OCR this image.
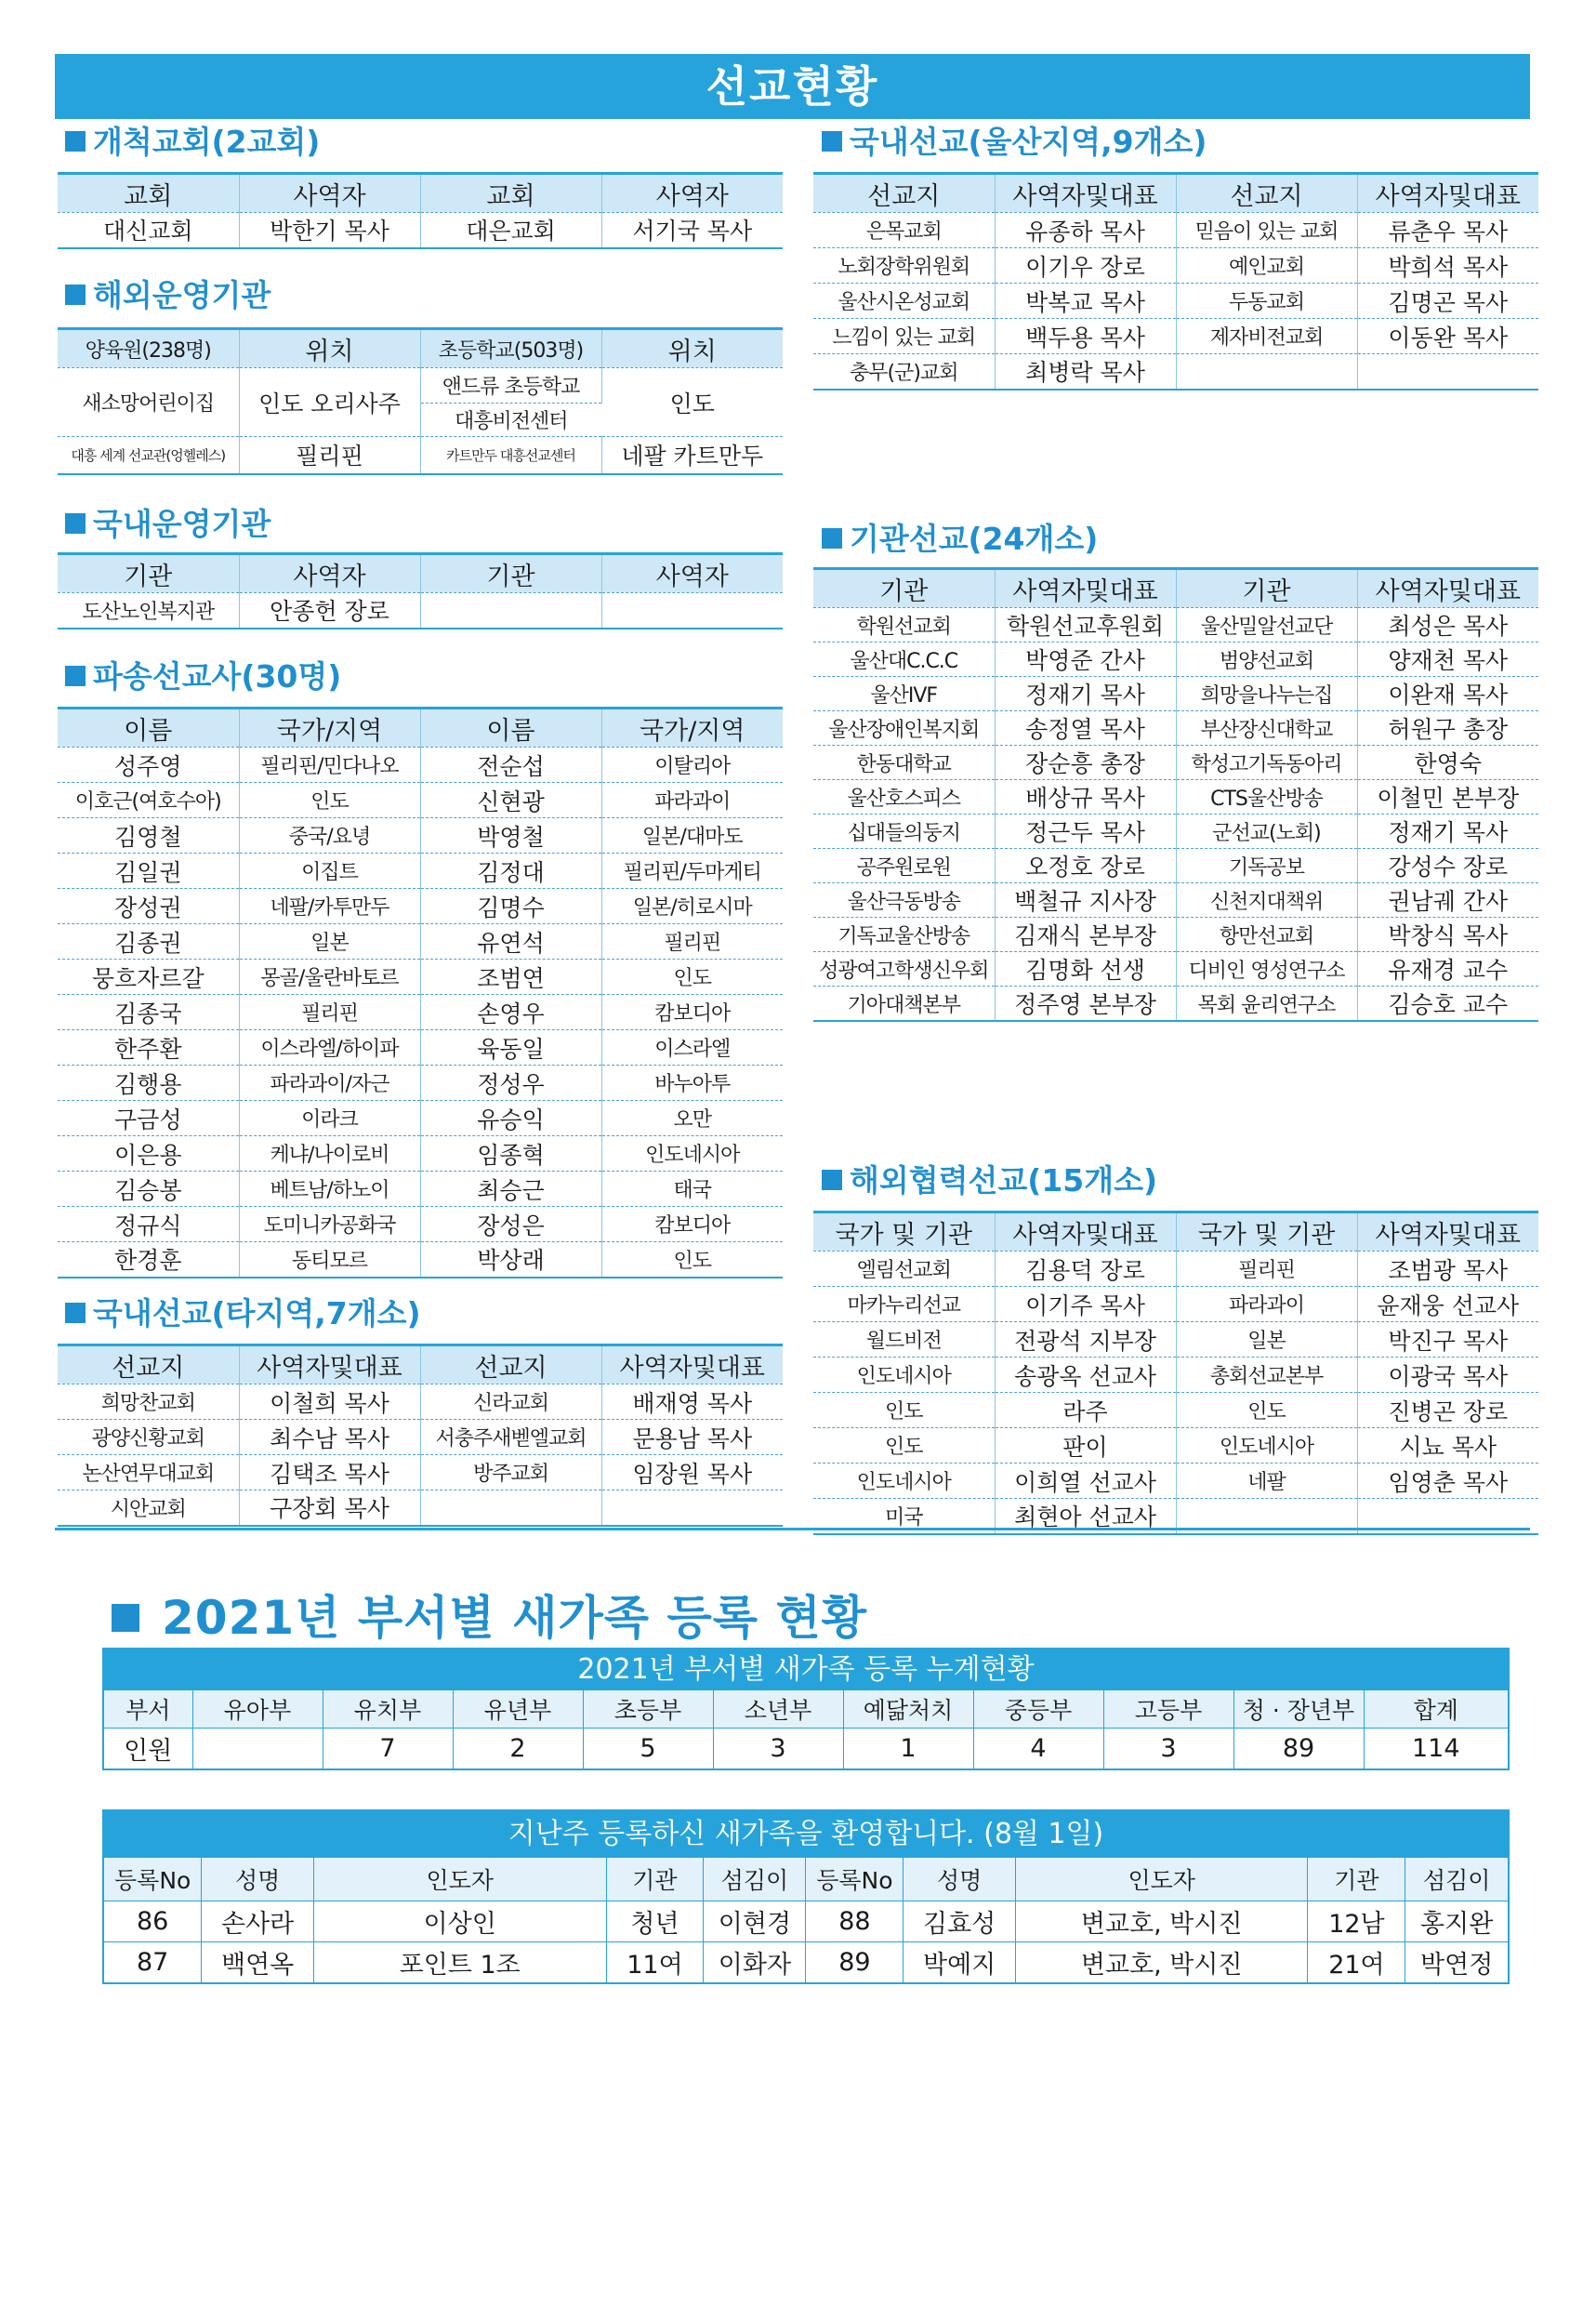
선교현황
개척교회(2교회)
교회	사역자	교회	사역자
대신교회	박한기 목사	대은교회	서기국 목사
해외운영기관
양육원(238명)	위치	초등학교(503명)	위치
새소망어린이집	인도 오리사주	앤드류 초등학교	인도
		대흥비전센터	
대흥 세계 선교관(엉헬레스)	필리핀	카트만두 대흥선교센터	네팔 카트만두
국내운영기관
기관	사역자	기관	사역자
도산노인복지관	안종헌 장로		
파송선교사(30명)
이름	국가/지역	이름	국가/지역
성주영	필리핀/민다나오	전순섭	이탈리아
이호근(여호수아)	인도	신현광	파라과이
김영철	중국/요녕	박영철	일본/대마도
김일권	이집트	김정대	필리핀/두마게티
장성권	네팔/카투만두	김명수	일본/히로시마
김종권	일본	유연석	필리핀
뭉흐자르갈	몽골/울란바토르	조범연	인도
김종국	필리핀	손영우	캄보디아
한주환	이스라엘/하이파	육동일	이스라엘
김행용	파라과이/자근	정성우	바누아투
구금성	이라크	유승익	오만
이은용	케냐/나이로비	임종혁	인도네시아
김승봉	베트남/하노이	최승근	태국
정규식	도미니카공화국	장성은	캄보디아
한경훈	동티모르	박상래	인도
국내선교(타지역,7개소)
선교지	사역자및대표	선교지	사역자및대표
희망찬교회	이철희 목사	신라교회	배재영 목사
광양신황교회	최수남 목사	서충주새벧엘교회	문용남 목사
논산연무대교회	김택조 목사	방주교회	임장원 목사
시안교회	구장회 목사		
국내선교(울산지역,9개소)
선교지	사역자및대표	선교지	사역자및대표
은목교회	유종하 목사	믿음이 있는 교회	류춘우 목사
노회장학위원회	이기우 장로	예인교회	박희석 목사
울산시온성교회	박복교 목사	두동교회	김명곤 목사
느낌이 있는 교회	백두용 목사	제자비전교회	이동완 목사
충무(군)교회	최병락 목사		
기관선교(24개소)
기관	사역자및대표	기관	사역자및대표
학원선교회	학원선교후원회	울산밀알선교단	최성은 목사
울산대C.C.C	박영준 간사	범양선교회	양재천 목사
울산IVF	정재기 목사	희망을나누는집	이완재 목사
울산장애인복지회	송정열 목사	부산장신대학교	허원구 총장
한동대학교	장순흥 총장	학성고기독동아리	한영숙
울산호스피스	배상규 목사	CTS울산방송	이철민 본부장
십대들의둥지	정근두 목사	군선교(노회)	정재기 목사
공주원로원	오정호 장로	기독공보	강성수 장로
울산극동방송	백철규 지사장	신천지대책위	권남궤 간사
기독교울산방송	김재식 본부장	항만선교회	박창식 목사
성광여고학생신우회	김명화 선생	디비인 영성연구소	유재경 교수
기아대책본부	정주영 본부장	목회 윤리연구소	김승호 교수
해외협력선교(15개소)
국가 및 기관	사역자및대표	국가 및 기관	사역자및대표
엘림선교회	김용덕 장로	필리핀	조범광 목사
마카누리선교	이기주 목사	파라과이	윤재웅 선교사
월드비전	전광석 지부장	일본	박진구 목사
인도네시아	송광옥 선교사	총회선교본부	이광국 목사
인도	라주	인도	진병곤 장로
인도	판이	인도네시아	시뇨 목사
인도네시아	이희열 선교사	네팔	임영춘 목사
미국	최현아 선교사		
2021년 부서별 새가족 등록 현황
2021년 부서별 새가족 등록 누계현황
부서	유아부	유치부	유년부	초등부	소년부	예닮처치	중등부	고등부	청 · 장년부	합계
인원		7	2	5	3	1	4	3	89	114
지난주 등록하신 새가족을 환영합니다. (8월 1일)
등록No	성명	인도자	기관	섬김이	등록No	성명	인도자	기관	섬김이
86	손사라	이상인	청년	이현경	88	김효성	변교호, 박시진	12남	홍지완
87	백연옥	포인트 1조	11여	이화자	89	박예지	변교호, 박시진	21여	박연정
